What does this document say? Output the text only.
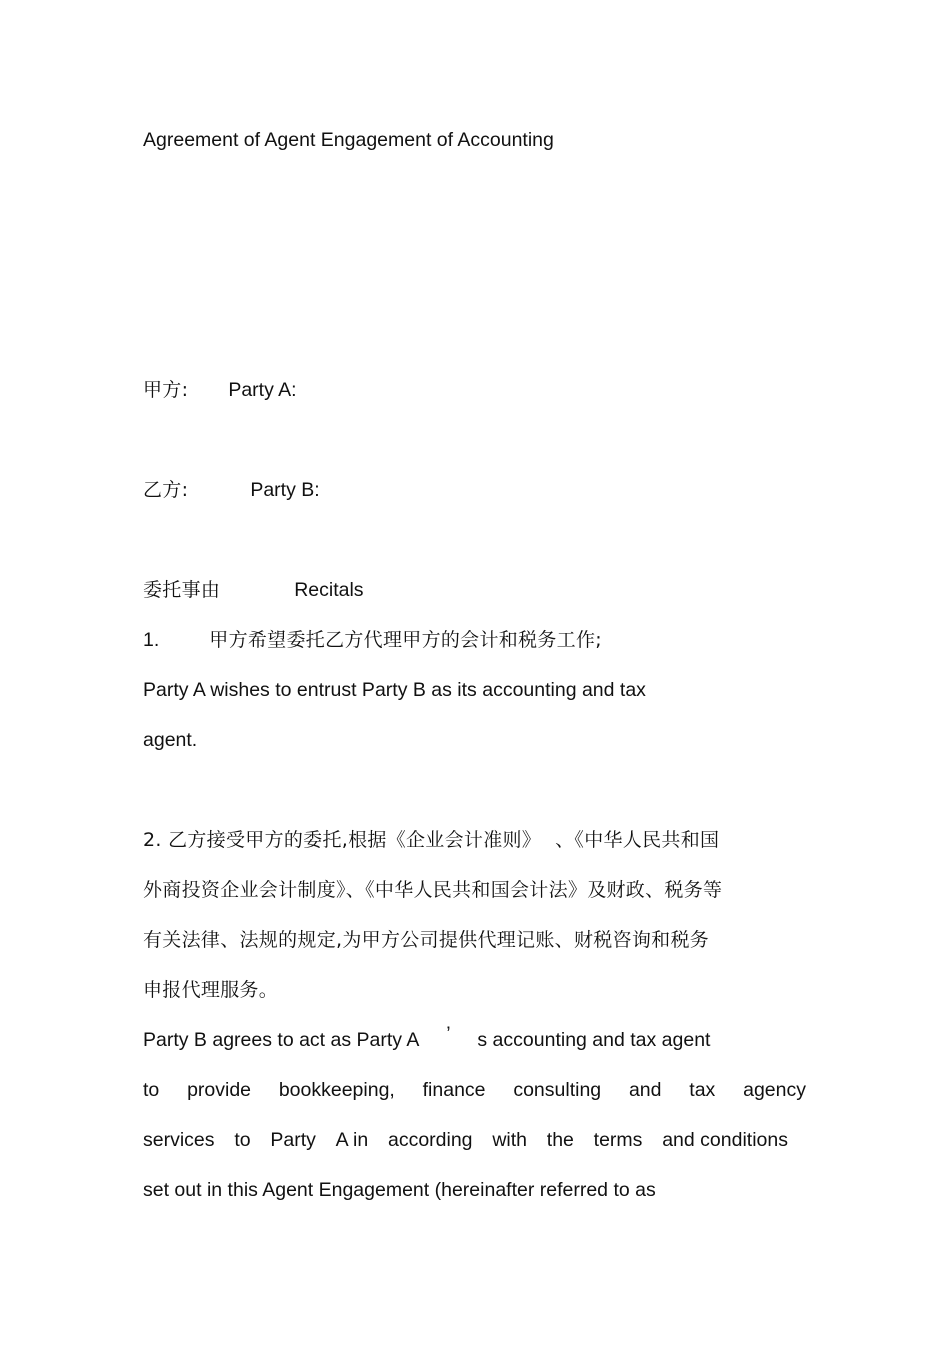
Agreement of Agent Engagement of Accounting
甲方: Party A:
乙方:	Party B:
委托事由	Recitals
1.	甲方希望委托乙方代理甲方的会计和税务工作;
Party A wishes to entrust Party B as its accounting and tax
agent.
2. 乙方接受甲方的委托,根据《企业会计准则》 、《中华人民共和国
外商投资企业会计制度》、《中华人民共和国会计法》及财政、税务等
有关法律、法规的规定,为甲方公司提供代理记账、财税咨询和税务
申报代理服务。
Party B agrees to act as Party A ’ s accounting and tax agent
to provide bookkeeping, finance consulting and tax agency
services to Party A in according with the terms and conditions
set out in this Agent Engagement (hereinafter referred to as
